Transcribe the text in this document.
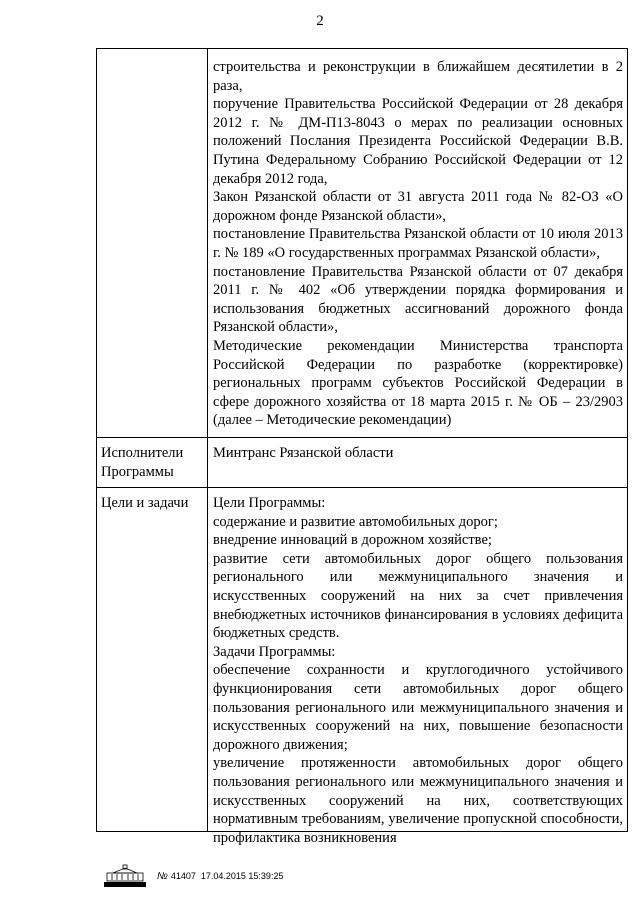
2

строительства и реконструкции в ближайшем десятилетии в 2 раза,

поручение Правительства Российской Федерации от 28 декабря 2012 г. № ДМ-П13-8043 о мерах по реализации основных положений Послания Президента Российской Федерации В.В. Путина Федеральному Собранию Российской Федерации от 12 декабря 2012 года,

Закон Рязанской области от 31 августа 2011 года № 82-ОЗ «О дорожном фонде Рязанской области»,

постановление Правительства Рязанской области от 10 июля 2013 г. № 189 «О государственных программах Рязанской области»,

постановление Правительства Рязанской области от 07 декабря 2011 г. № 402 «Об утверждении порядка формирования и использования бюджетных ассигнований дорожного фонда Рязанской области»,

Методические рекомендации Министерства транспорта Российской Федерации по разработке (корректировке) региональных программ субъектов Российской Федерации в сфере дорожного хозяйства от 18 марта 2015 г. № ОБ – 23/2903 (далее – Методические рекомендации)

Исполнители Программы

Минтранс Рязанской области

Цели и задачи	Цели Программы:

содержание и развитие автомобильных дорог;

внедрение инноваций в дорожном хозяйстве;

развитие сети автомобильных дорог общего пользования регионального или межмуниципального значения и искусственных сооружений на них за счет привлечения внебюджетных источников финансирования в условиях дефицита бюджетных средств.

Задачи Программы:

обеспечение сохранности и круглогодичного устойчивого функционирования сети автомобильных дорог общего пользования регионального или межмуниципального значения и искусственных сооружений на них, повышение безопасности дорожного движения;

увеличение протяженности автомобильных дорог общего пользования регионального или межмуниципального значения и искусственных сооружений на них, соответствующих нормативным требованиям, увеличение пропускной способности, профилактика возникновения

№ 41407 17.04.2015 15:39:25
